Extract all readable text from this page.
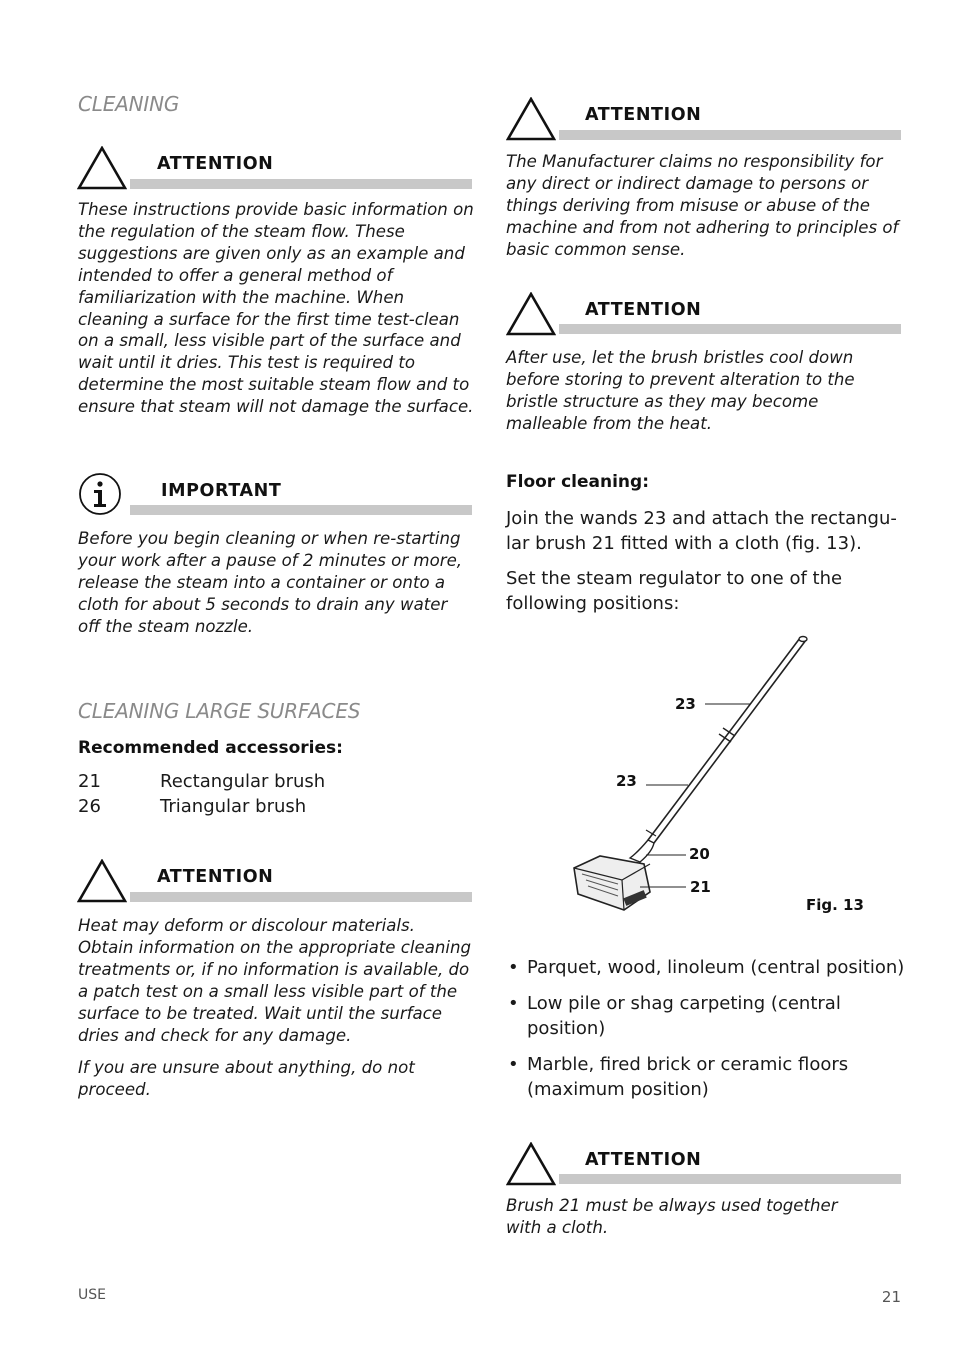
CLEANING
ATTENTION
These instructions provide basic information on the regulation of the steam flow. These suggestions are given only as an example and intended to offer a general method of familiarization with the machine. When cleaning a surface for the first time test-clean on a small, less visible part of the surface and wait until it dries. This test is required to determine the most suitable steam flow and to ensure that steam will not damage the surface.
IMPORTANT
Before you begin cleaning or when re-starting your work after a pause of 2 minutes or more, release the steam into a container or onto a cloth for about 5 seconds to drain any water off the steam nozzle.
CLEANING LARGE SURFACES
Recommended accessories:
21	Rectangular brush
26	Triangular brush
ATTENTION
Heat may deform or discolour materials. Obtain information on the appropriate cleaning treatments or, if no information is available, do a patch test on a small less visible part of the surface to be treated. Wait until the surface dries and check for any damage.
If you are unsure about anything, do not proceed.
ATTENTION
The Manufacturer claims no responsibility for any direct or indirect damage to persons or things deriving from misuse or abuse of the machine and from not adhering to principles of basic common sense.
ATTENTION
After use, let the brush bristles cool down before storing to prevent alteration to the bristle structure as they may become malleable from the heat.
Floor cleaning:
Join the wands 23 and attach the rectangu-lar brush 21 fitted with a cloth (fig. 13).
Set the steam regulator to one of the following positions:
23
23
20
21
Fig. 13
• Parquet, wood, linoleum (central position)
• Low pile or shag carpeting (central position)
• Marble, fired brick or ceramic floors (maximum position)
ATTENTION
Brush 21 must be always used together with a cloth.
USE	21
